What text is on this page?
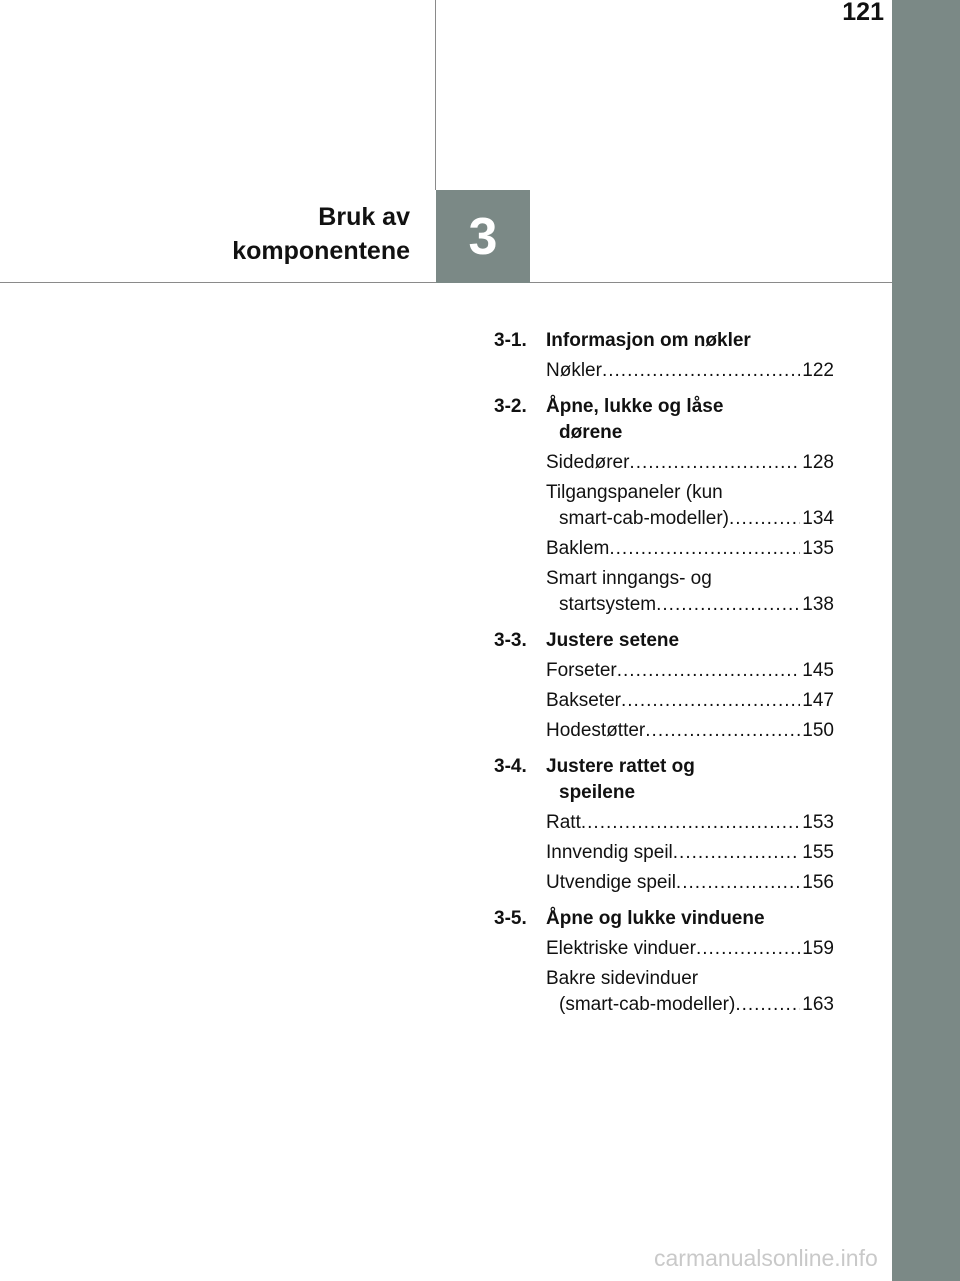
121
3
Bruk av
komponentene
3-1.	Informasjon om nøkler
Nøkler .....	122
3-2.	Åpne, lukke og låse
dørene
Sidedører .....	128
Tilgangspaneler (kun
smart-cab-modeller) .....	134
Baklem .....	135
Smart inngangs- og
startsystem .....	138
3-3.	Justere setene
Forseter .....	145
Bakseter .....	147
Hodestøtter .....	150
3-4.	Justere rattet og
speilene
Ratt .....	153
Innvendig speil .....	155
Utvendige speil .....	156
3-5.	Åpne og lukke vinduene
Elektriske vinduer .....	159
Bakre sidevinduer
(smart-cab-modeller) .....	163
carmanualsonline.info
